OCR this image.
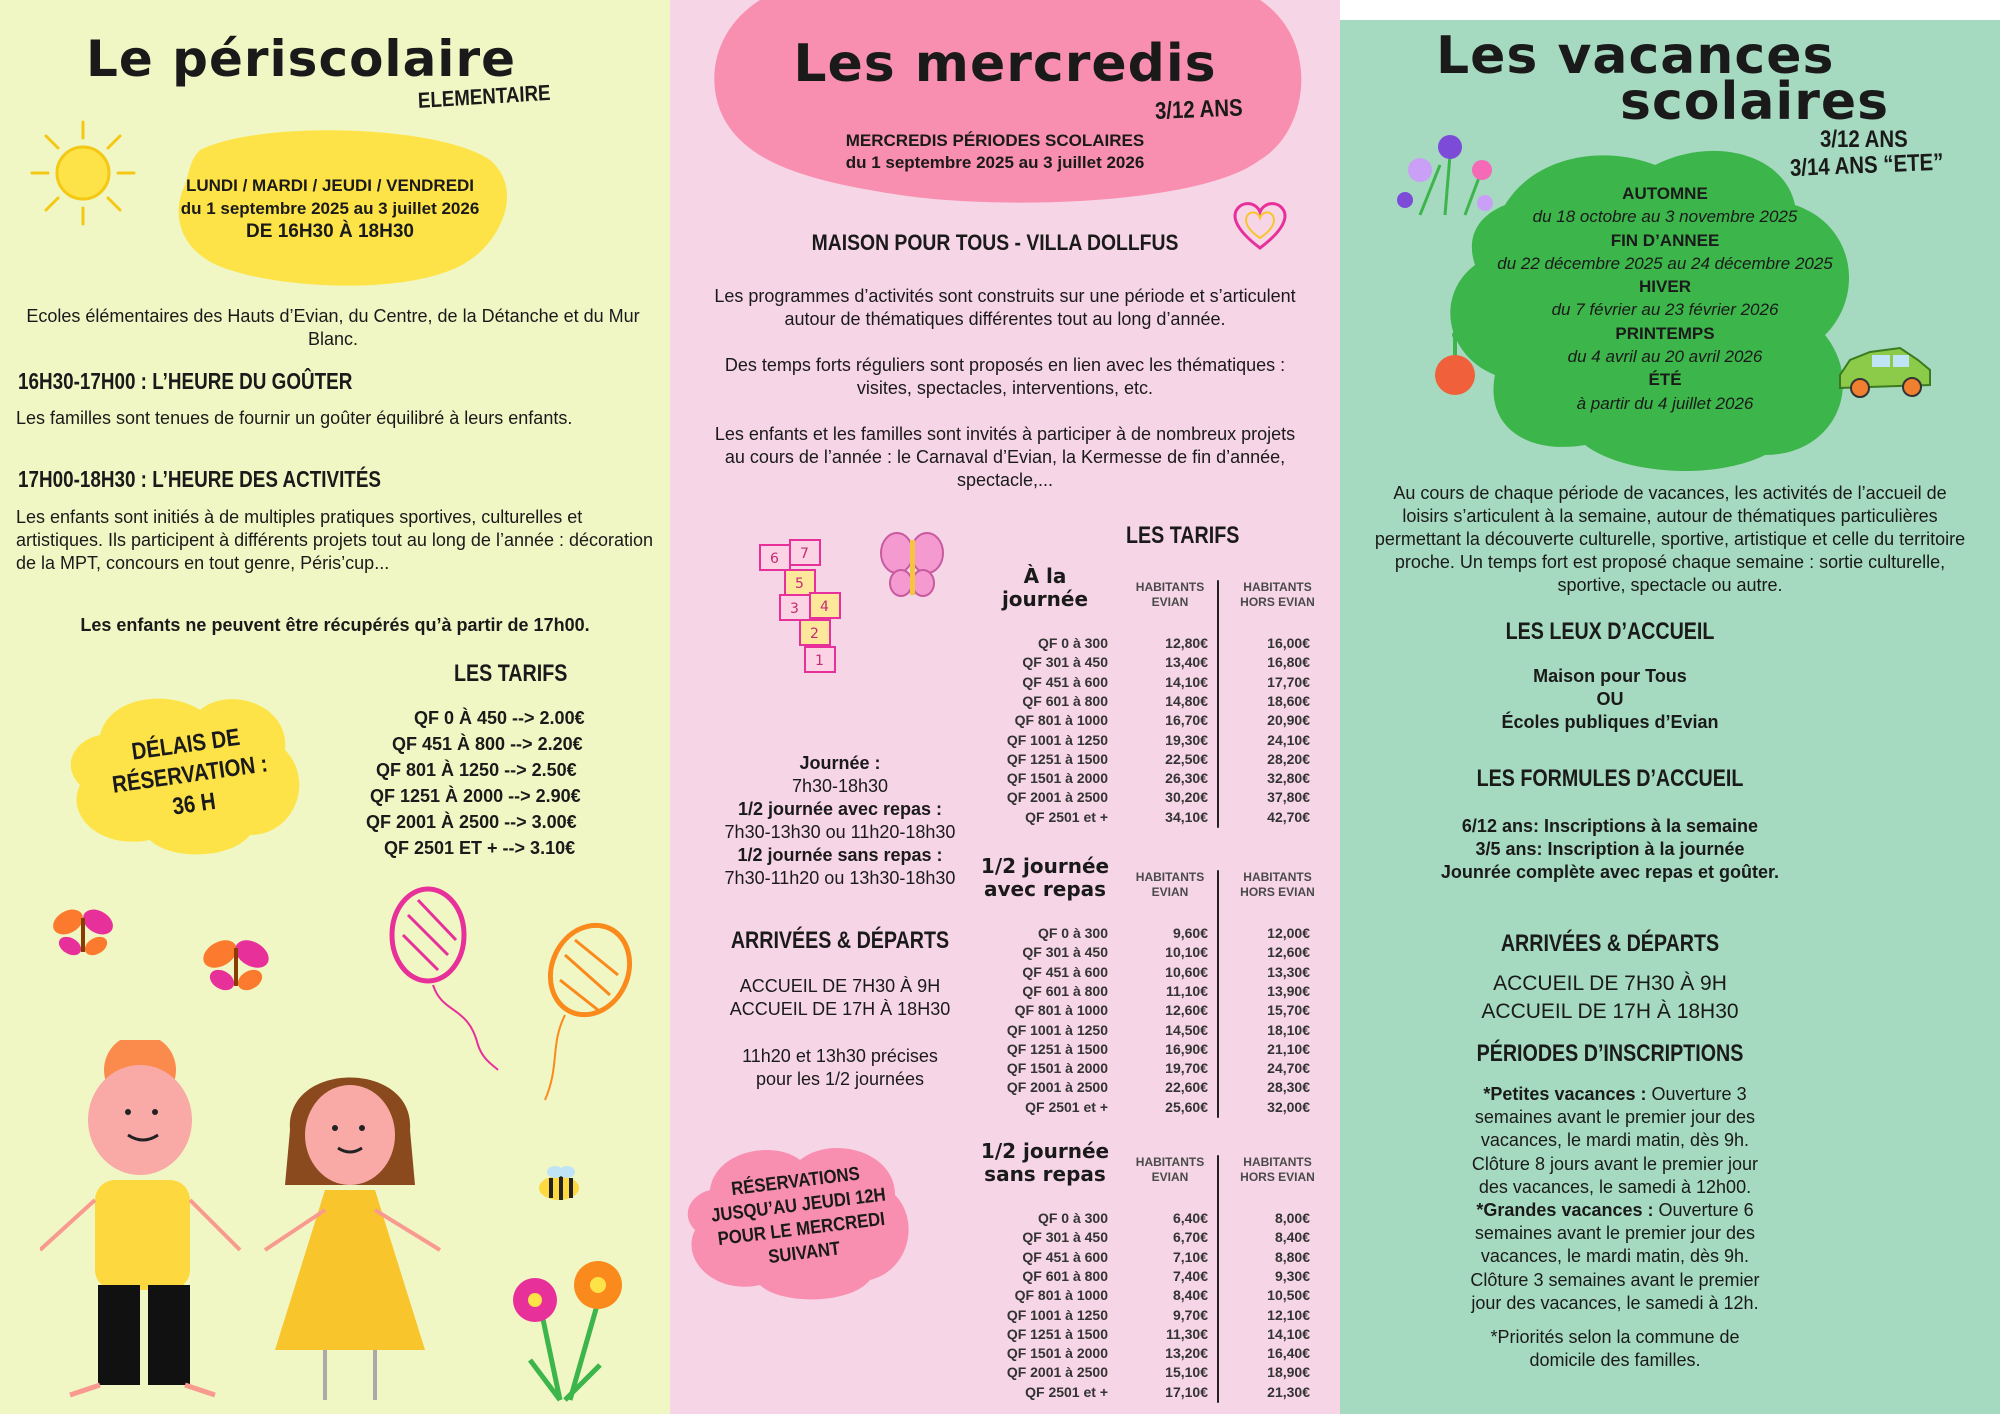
Le périscolaire
ELEMENTAIRE
LUNDI / MARDI / JEUDI / VENDREDI
du 1 septembre 2025 au 3 juillet 2026
DE 16H30 À 18H30
Ecoles élémentaires des Hauts d’Evian, du Centre, de la Détanche et du Mur Blanc.
16H30-17H00 : L’HEURE DU GOÛTER
Les familles sont tenues de fournir un goûter équilibré à leurs enfants.
17H00-18H30 : L’HEURE DES ACTIVITÉS
Les enfants sont initiés à de multiples pratiques sportives, culturelles et artistiques. Ils participent à différents projets tout au long de l’année : décoration de la MPT, concours en tout genre, Péris’cup...
Les enfants ne peuvent être récupérés qu’à partir de 17h00.
DÉLAIS DE RÉSERVATION : 36 H
LES TARIFS
QF 0 À 450 --> 2.00€
QF 451 À 800 --> 2.20€
QF 801 À 1250 --> 2.50€
QF 1251 À 2000 --> 2.90€
QF 2001 À 2500 --> 3.00€
QF 2501 ET + --> 3.10€
Les mercredis
3/12 ANS
MERCREDIS PÉRIODES SCOLAIRES
du 1 septembre 2025 au 3 juillet 2026
MAISON POUR TOUS - VILLA DOLLFUS
Les programmes d’activités sont construits sur une période et s’articulent autour de thématiques différentes tout au long d’année.
Des temps forts réguliers sont proposés en lien avec les thématiques : visites, spectacles, interventions, etc.
Les enfants et les familles sont invités à participer à de nombreux projets au cours de l’année : le Carnaval d’Evian, la Kermesse de fin d’année, spectacle,...
6 7
5
3 4
2
1
Journée :
7h30-18h30
1/2 journée avec repas :
7h30-13h30 ou 11h20-18h30
1/2 journée sans repas :
7h30-11h20 ou 13h30-18h30
ARRIVÉES & DÉPARTS
ACCUEIL DE 7H30 À 9H
ACCUEIL DE 17H À 18H30
11h20 et 13h30 précises
pour les 1/2 journées
RÉSERVATIONS JUSQU’AU JEUDI 12H POUR LE MERCREDI SUIVANT
LES TARIFS
À la journée	HABITANTS EVIAN
HABITANTS HORS EVIAN
QF 0 à 300	12,80€	16,00€
QF 301 à 450	13,40€	16,80€
QF 451 à 600	14,10€	17,70€
QF 601 à 800	14,80€	18,60€
QF 801 à 1000	16,70€	20,90€
QF 1001 à 1250	19,30€	24,10€
QF 1251 à 1500	22,50€	28,20€
QF 1501 à 2000	26,30€	32,80€
QF 2001 à 2500	30,20€	37,80€
QF 2501 et +	34,10€	42,70€
1/2 journée avec repas	HABITANTS EVIAN
HABITANTS HORS EVIAN
QF 0 à 300	9,60€	12,00€
QF 301 à 450	10,10€	12,60€
QF 451 à 600	10,60€	13,30€
QF 601 à 800	11,10€	13,90€
QF 801 à 1000	12,60€	15,70€
QF 1001 à 1250	14,50€	18,10€
QF 1251 à 1500	16,90€	21,10€
QF 1501 à 2000	19,70€	24,70€
QF 2001 à 2500	22,60€	28,30€
QF 2501 et +	25,60€	32,00€
1/2 journée sans repas	HABITANTS EVIAN
HABITANTS HORS EVIAN
QF 0 à 300	6,40€	8,00€
QF 301 à 450	6,70€	8,40€
QF 451 à 600	7,10€	8,80€
QF 601 à 800	7,40€	9,30€
QF 801 à 1000	8,40€	10,50€
QF 1001 à 1250	9,70€	12,10€
QF 1251 à 1500	11,30€	14,10€
QF 1501 à 2000	13,20€	16,40€
QF 2001 à 2500	15,10€	18,90€
QF 2501 et +	17,10€	21,30€
Les vacances
scolaires
3/12 ANS
3/14 ANS “ETE”
AUTOMNE
du 18 octobre au 3 novembre 2025
FIN D’ANNEE
du 22 décembre 2025 au 24 décembre 2025
HIVER
du 7 février au 23 février 2026
PRINTEMPS
du 4 avril au 20 avril 2026
ÉTÉ
à partir du 4 juillet 2026
Au cours de chaque période de vacances, les activités de l’accueil de loisirs s’articulent à la semaine, autour de thématiques particulières permettant la découverte culturelle, sportive, artistique et celle du territoire proche. Un temps fort est proposé chaque semaine : sortie culturelle, sportive, spectacle ou autre.
LES LEUX D’ACCUEIL
Maison pour Tous
OU
Écoles publiques d’Evian
LES FORMULES D’ACCUEIL
6/12 ans: Inscriptions à la semaine
3/5 ans: Inscription à la journée
Jounrée complète avec repas et goûter.
ARRIVÉES & DÉPARTS
ACCUEIL DE 7H30 À 9H
ACCUEIL DE 17H À 18H30
PÉRIODES D’INSCRIPTIONS
*Petites vacances : Ouverture 3 semaines avant le premier jour des vacances, le mardi matin, dès 9h. Clôture 8 jours avant le premier jour des vacances, le samedi à 12h00.
*Grandes vacances : Ouverture 6 semaines avant le premier jour des vacances, le mardi matin, dès 9h. Clôture 3 semaines avant le premier jour des vacances, le samedi à 12h.
*Priorités selon la commune de domicile des familles.
